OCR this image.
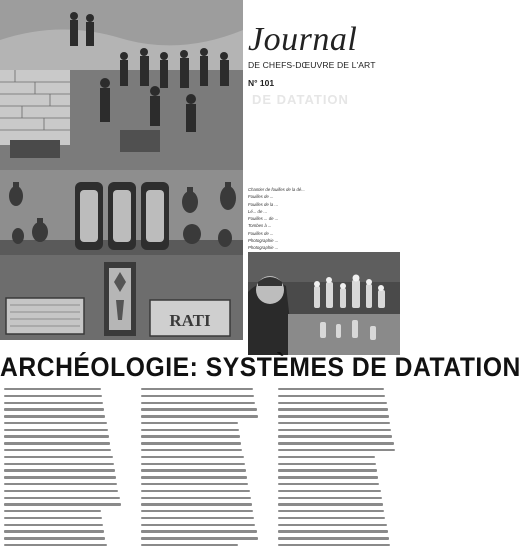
RATI
Journal
DE CHEFS-DŒUVRE DE L'ART
N° 101
DE DATATION
Chantier de fouilles de la dé...
Fouilles de ...
Fouilles de la ...
Lé... de ...
Fouilles ... de ...
Tombes à ...
Fouilles de ...
Photographie ...
Photographie ...
ARCHÉOLOGIE: SYSTÈMES DE DATATION
